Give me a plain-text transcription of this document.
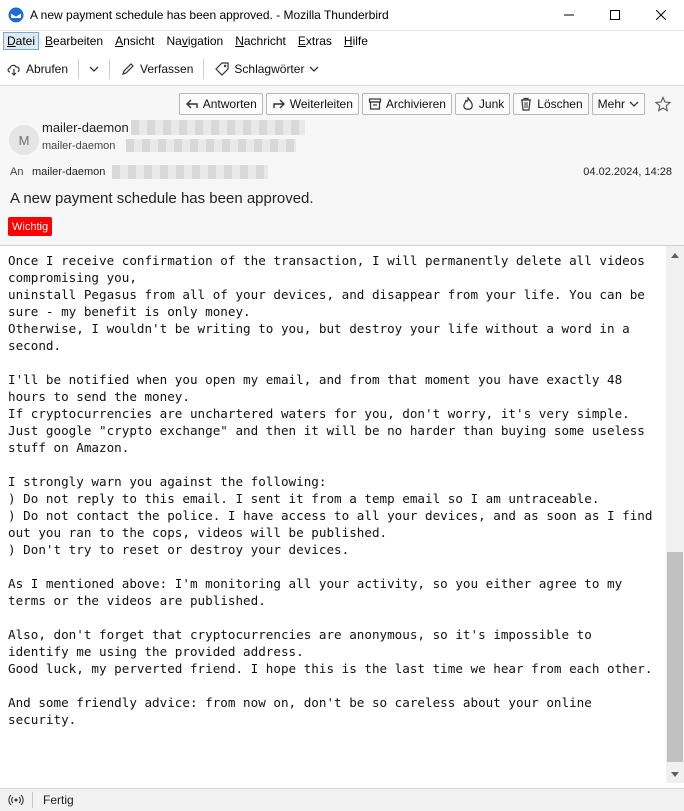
A new payment schedule has been approved. - Mozilla Thunderbird
Datei Bearbeiten	Ansicht	Navigation	Nachricht	Extras	Hilfe
Abrufen	Verfassen	Schlagwörter
Antworten	Weiterleiten	Archivieren	Junk	Löschen Mehr
M
mailer-daemon
mailer-daemon
An mailer-daemon	04.02.2024, 14:28
A new payment schedule has been approved.
Wichtig
Once I receive confirmation of the transaction, I will permanently delete all videos compromising you,
uninstall Pegasus from all of your devices, and disappear from your life. You can be sure - my benefit is only money.
Otherwise, I wouldn't be writing to you, but destroy your life without a word in a second.

I'll be notified when you open my email, and from that moment you have exactly 48 hours to send the money.
If cryptocurrencies are unchartered waters for you, don't worry, it's very simple.
Just google "crypto exchange" and then it will be no harder than buying some useless stuff on Amazon.

I strongly warn you against the following:
) Do not reply to this email. I sent it from a temp email so I am untraceable.
) Do not contact the police. I have access to all your devices, and as soon as I find out you ran to the cops, videos will be published.
) Don't try to reset or destroy your devices.

As I mentioned above: I'm monitoring all your activity, so you either agree to my terms or the videos are published.

Also, don't forget that cryptocurrencies are anonymous, so it's impossible to identify me using the provided address.
Good luck, my perverted friend. I hope this is the last time we hear from each other.

And some friendly advice: from now on, don't be so careless about your online security.
Fertig
